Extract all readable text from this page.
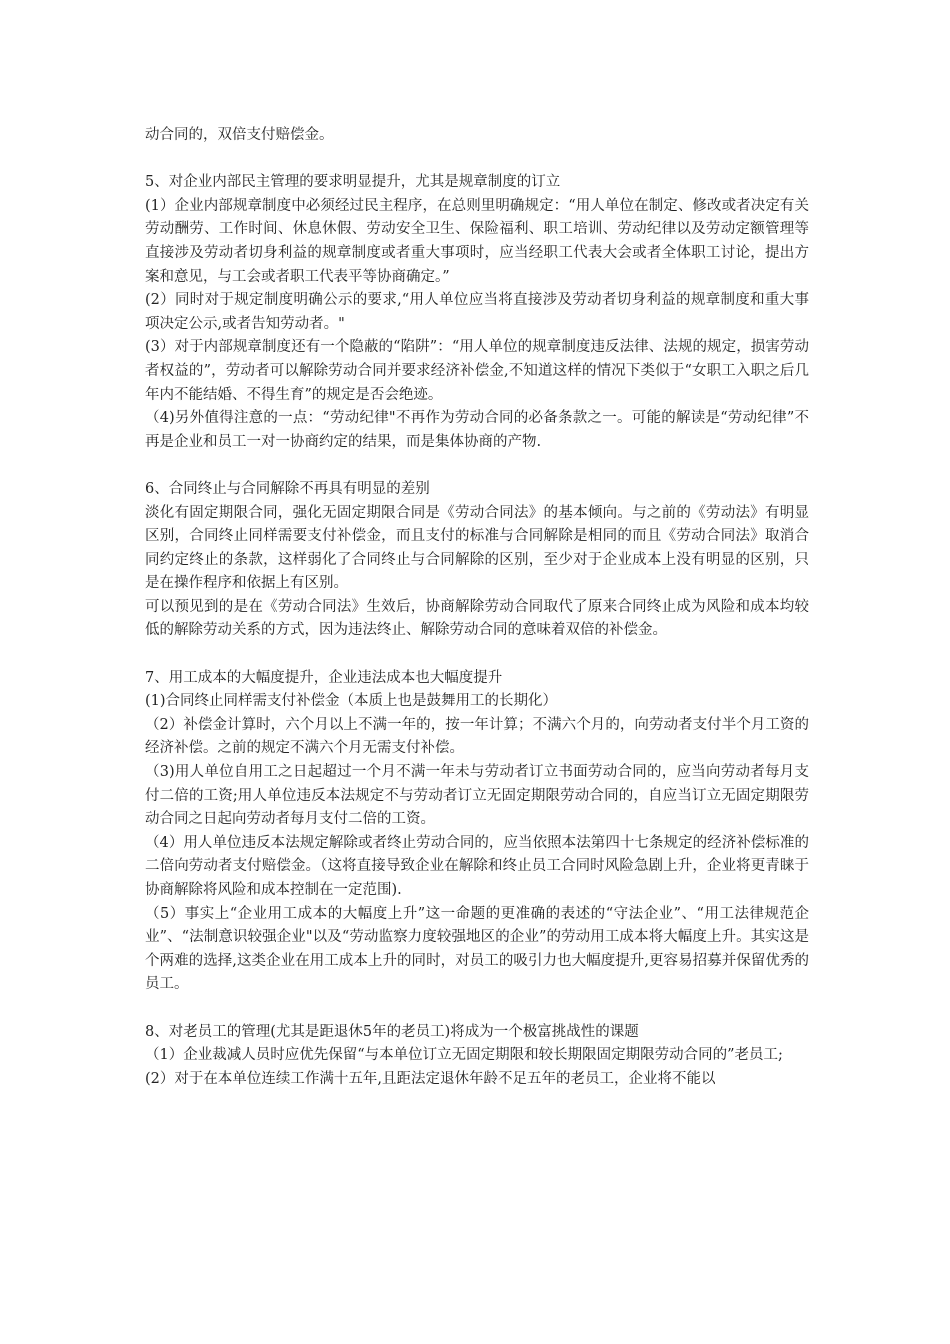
动合同的，双倍支付赔偿金。

5、对企业内部民主管理的要求明显提升，尤其是规章制度的订立

(1）企业内部规章制度中必须经过民主程序，在总则里明确规定：“用人单位在制定、修改或者决定有关劳动酬劳、工作时间、休息休假、劳动安全卫生、保险福利、职工培训、劳动纪律以及劳动定额管理等直接涉及劳动者切身利益的规章制度或者重大事项时，应当经职工代表大会或者全体职工讨论，提出方案和意见，与工会或者职工代表平等协商确定。”

(2）同时对于规定制度明确公示的要求,“用人单位应当将直接涉及劳动者切身利益的规章制度和重大事项决定公示,或者告知劳动者。"

(3）对于内部规章制度还有一个隐蔽的“陷阱”：“用人单位的规章制度违反法律、法规的规定，损害劳动者权益的”，劳动者可以解除劳动合同并要求经济补偿金,不知道这样的情况下类似于“女职工入职之后几年内不能结婚、不得生育”的规定是否会绝迹。

（4)另外值得注意的一点：“劳动纪律"不再作为劳动合同的必备条款之一。可能的解读是“劳动纪律”不再是企业和员工一对一协商约定的结果，而是集体协商的产物.

6、合同终止与合同解除不再具有明显的差别

淡化有固定期限合同，强化无固定期限合同是《劳动合同法》的基本倾向。与之前的《劳动法》有明显区别，合同终止同样需要支付补偿金，而且支付的标准与合同解除是相同的而且《劳动合同法》取消合同约定终止的条款，这样弱化了合同终止与合同解除的区别，至少对于企业成本上没有明显的区别，只是在操作程序和依据上有区别。

可以预见到的是在《劳动合同法》生效后，协商解除劳动合同取代了原来合同终止成为风险和成本均较低的解除劳动关系的方式，因为违法终止、解除劳动合同的意味着双倍的补偿金。

7、用工成本的大幅度提升，企业违法成本也大幅度提升

(1)合同终止同样需支付补偿金（本质上也是鼓舞用工的长期化）

（2）补偿金计算时，六个月以上不满一年的，按一年计算；不满六个月的，向劳动者支付半个月工资的经济补偿。之前的规定不满六个月无需支付补偿。

（3)用人单位自用工之日起超过一个月不满一年未与劳动者订立书面劳动合同的，应当向劳动者每月支付二倍的工资;用人单位违反本法规定不与劳动者订立无固定期限劳动合同的，自应当订立无固定期限劳动合同之日起向劳动者每月支付二倍的工资。

（4）用人单位违反本法规定解除或者终止劳动合同的，应当依照本法第四十七条规定的经济补偿标准的二倍向劳动者支付赔偿金。（这将直接导致企业在解除和终止员工合同时风险急剧上升，企业将更青睐于协商解除将风险和成本控制在一定范围).

（5）事实上“企业用工成本的大幅度上升”这一命题的更准确的表述的“守法企业”、“用工法律规范企业”、“法制意识较强企业"以及“劳动监察力度较强地区的企业”的劳动用工成本将大幅度上升。其实这是个两难的选择,这类企业在用工成本上升的同时，对员工的吸引力也大幅度提升,更容易招募并保留优秀的员工。

8、对老员工的管理(尤其是距退休5年的老员工)将成为一个极富挑战性的课题

（1）企业裁减人员时应优先保留“与本单位订立无固定期限和较长期限固定期限劳动合同的”老员工;

(2）对于在本单位连续工作满十五年,且距法定退休年龄不足五年的老员工，企业将不能以
